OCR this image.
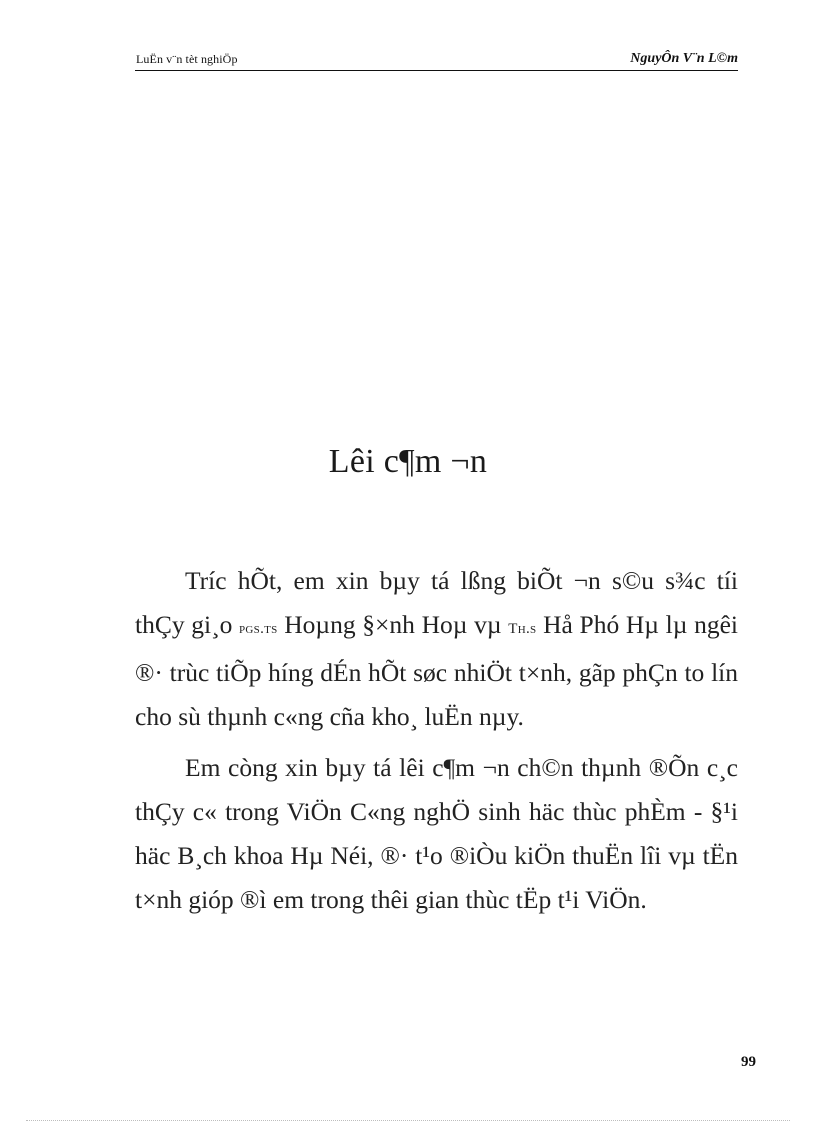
LuËn v¨n tèt nghiÖp	NguyÔn V¨n L©m
Lêi c¶m ¬n

Tríc hÕt, em xin bµy tá lßng biÕt ¬n s©u s¾c tíi thÇy gi¸o pgs.ts Hoµng §×nh Hoµ vµ Th.s Hå Phó Hµ lµ ngêi ®· trùc tiÕp híng dÉn hÕt søc nhiÖt t×nh, gãp phÇn to lín cho sù thµnh c«ng cña kho¸ luËn nµy.

Em còng xin bµy tá lêi c¶m ¬n ch©n thµnh ®Õn c¸c thÇy c« trong ViÖn C«ng nghÖ sinh häc thùc phÈm - §¹i häc B¸ch khoa Hµ Néi, ®· t¹o ®iÒu kiÖn thuËn lîi vµ tËn t×nh gióp ®ì em trong thêi gian thùc tËp t¹i ViÖn.

99
